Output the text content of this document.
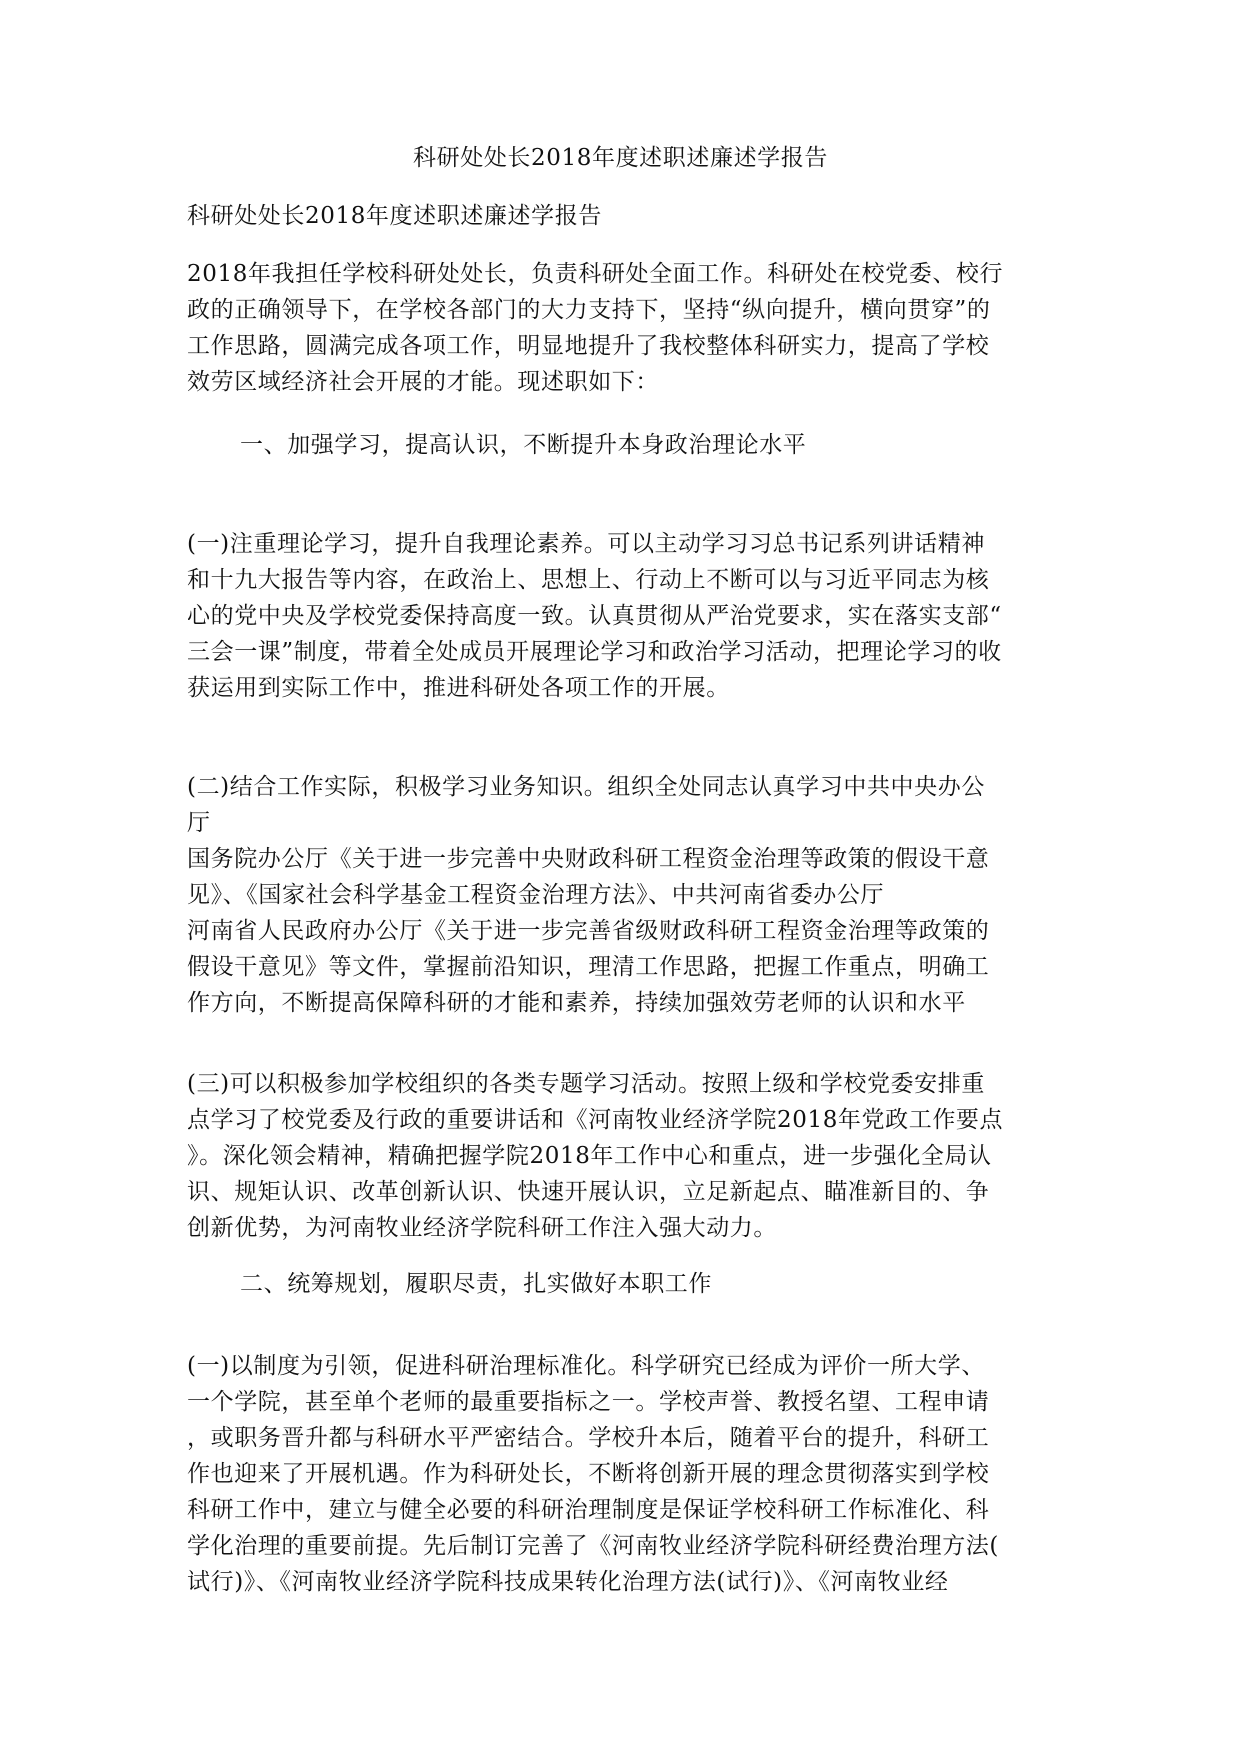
科研处处长2018年度述职述廉述学报告

科研处处长2018年度述职述廉述学报告

2018年我担任学校科研处处长，负责科研处全面工作。科研处在校党委、校行

政的正确领导下，在学校各部门的大力支持下，坚持“纵向提升，横向贯穿”的

工作思路，圆满完成各项工作，明显地提升了我校整体科研实力，提高了学校

效劳区域经济社会开展的才能。现述职如下：

一、加强学习，提高认识，不断提升本身政治理论水平

(一)注重理论学习，提升自我理论素养。可以主动学习习总书记系列讲话精神

和十九大报告等内容，在政治上、思想上、行动上不断可以与习近平同志为核

心的党中央及学校党委保持高度一致。认真贯彻从严治党要求，实在落实支部“

三会一课”制度，带着全处成员开展理论学习和政治学习活动，把理论学习的收

获运用到实际工作中，推进科研处各项工作的开展。

(二)结合工作实际，积极学习业务知识。组织全处同志认真学习中共中央办公

厅

国务院办公厅《关于进一步完善中央财政科研工程资金治理等政策的假设干意

见》、《国家社会科学基金工程资金治理方法》、中共河南省委办公厅

河南省人民政府办公厅《关于进一步完善省级财政科研工程资金治理等政策的

假设干意见》等文件，掌握前沿知识，理清工作思路，把握工作重点，明确工

作方向，不断提高保障科研的才能和素养，持续加强效劳老师的认识和水平

(三)可以积极参加学校组织的各类专题学习活动。按照上级和学校党委安排重

点学习了校党委及行政的重要讲话和《河南牧业经济学院2018年党政工作要点

》。深化领会精神，精确把握学院2018年工作中心和重点，进一步强化全局认

识、规矩认识、改革创新认识、快速开展认识，立足新起点、瞄准新目的、争

创新优势，为河南牧业经济学院科研工作注入强大动力。

二、统筹规划，履职尽责，扎实做好本职工作

(一)以制度为引领，促进科研治理标准化。科学研究已经成为评价一所大学、

一个学院，甚至单个老师的最重要指标之一。学校声誉、教授名望、工程申请

，或职务晋升都与科研水平严密结合。学校升本后，随着平台的提升，科研工

作也迎来了开展机遇。作为科研处长，不断将创新开展的理念贯彻落实到学校

科研工作中，建立与健全必要的科研治理制度是保证学校科研工作标准化、科

学化治理的重要前提。先后制订完善了《河南牧业经济学院科研经费治理方法(

试行)》、《河南牧业经济学院科技成果转化治理方法(试行)》、《河南牧业经
